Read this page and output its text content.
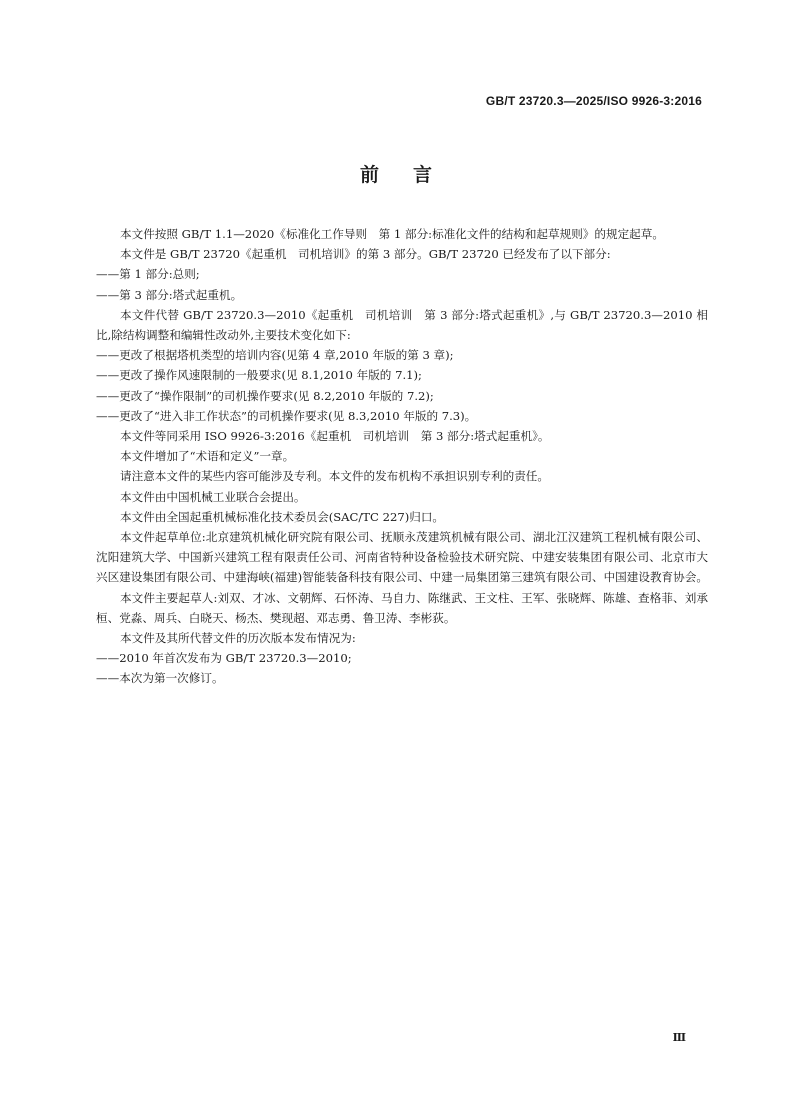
GB/T 23720.3—2025/ISO 9926-3:2016
前言

本文件按照 GB/T 1.1—2020《标准化工作导则　第 1 部分:标准化文件的结构和起草规则》的规定起草。

本文件是 GB/T 23720《起重机　司机培训》的第 3 部分。GB/T 23720 已经发布了以下部分:

——第 1 部分:总则;

——第 3 部分:塔式起重机。

本文件代替 GB/T 23720.3—2010《起重机　司机培训　第 3 部分:塔式起重机》,与 GB/T 23720.3—2010 相比,除结构调整和编辑性改动外,主要技术变化如下:

——更改了根据塔机类型的培训内容(见第 4 章,2010 年版的第 3 章);

——更改了操作风速限制的一般要求(见 8.1,2010 年版的 7.1);

——更改了“操作限制”的司机操作要求(见 8.2,2010 年版的 7.2);

——更改了“进入非工作状态”的司机操作要求(见 8.3,2010 年版的 7.3)。

本文件等同采用 ISO 9926-3:2016《起重机　司机培训　第 3 部分:塔式起重机》。

本文件增加了“术语和定义”一章。

请注意本文件的某些内容可能涉及专利。本文件的发布机构不承担识别专利的责任。

本文件由中国机械工业联合会提出。

本文件由全国起重机械标准化技术委员会(SAC/TC 227)归口。

本文件起草单位:北京建筑机械化研究院有限公司、抚顺永茂建筑机械有限公司、湖北江汉建筑工程机械有限公司、沈阳建筑大学、中国新兴建筑工程有限责任公司、河南省特种设备检验技术研究院、中建安装集团有限公司、北京市大兴区建设集团有限公司、中建海峡(福建)智能装备科技有限公司、中建一局集团第三建筑有限公司、中国建设教育协会。

本文件主要起草人:刘双、才冰、文朝辉、石怀涛、马自力、陈继武、王文柱、王军、张晓辉、陈雄、查格菲、刘承桓、党淼、周兵、白晓天、杨杰、樊现超、邓志勇、鲁卫涛、李彬荻。

本文件及其所代替文件的历次版本发布情况为:

——2010 年首次发布为 GB/T 23720.3—2010;

——本次为第一次修订。

Ⅲ
